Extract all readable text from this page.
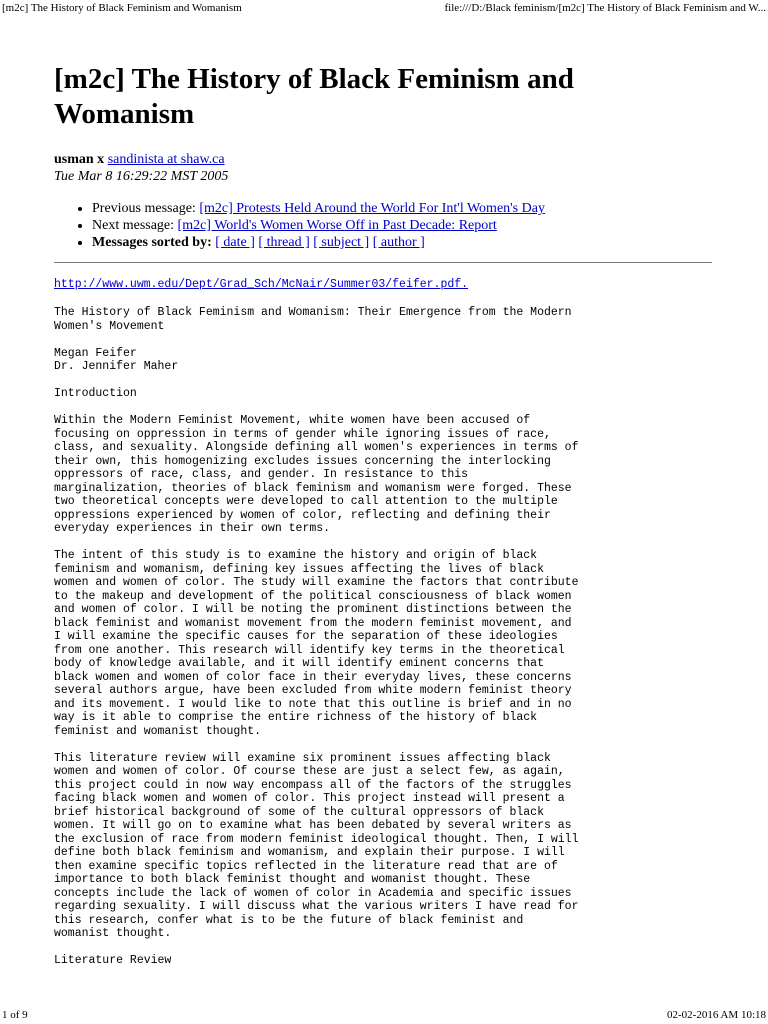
[m2c] The History of Black Feminism and Womanism	file:///D:/Black feminism/[m2c] The History of Black Feminism and W...
[m2c] The History of Black Feminism and Womanism
usman x sandinista at shaw.ca
Tue Mar 8 16:29:22 MST 2005
• Previous message: [m2c] Protests Held Around the World For Int'l Women's Day
• Next message: [m2c] World's Women Worse Off in Past Decade: Report
• Messages sorted by: [ date ] [ thread ] [ subject ] [ author ]
http://www.uwm.edu/Dept/Grad_Sch/McNair/Summer03/feifer.pdf.
The History of Black Feminism and Womanism: Their Emergence from the Modern
Women's Movement

Megan Feifer
Dr. Jennifer Maher

Introduction

Within the Modern Feminist Movement, white women have been accused of
focusing on oppression in terms of gender while ignoring issues of race,
class, and sexuality. Alongside defining all women's experiences in terms of
their own, this homogenizing excludes issues concerning the interlocking
oppressors of race, class, and gender. In resistance to this
marginalization, theories of black feminism and womanism were forged. These
two theoretical concepts were developed to call attention to the multiple
oppressions experienced by women of color, reflecting and defining their
everyday experiences in their own terms.

The intent of this study is to examine the history and origin of black
feminism and womanism, defining key issues affecting the lives of black
women and women of color. The study will examine the factors that contribute
to the makeup and development of the political consciousness of black women
and women of color. I will be noting the prominent distinctions between the
black feminist and womanist movement from the modern feminist movement, and
I will examine the specific causes for the separation of these ideologies
from one another. This research will identify key terms in the theoretical
body of knowledge available, and it will identify eminent concerns that
black women and women of color face in their everyday lives, these concerns
several authors argue, have been excluded from white modern feminist theory
and its movement. I would like to note that this outline is brief and in no
way is it able to comprise the entire richness of the history of black
feminist and womanist thought.

This literature review will examine six prominent issues affecting black
women and women of color. Of course these are just a select few, as again,
this project could in now way encompass all of the factors of the struggles
facing black women and women of color. This project instead will present a
brief historical background of some of the cultural oppressors of black
women. It will go on to examine what has been debated by several writers as
the exclusion of race from modern feminist ideological thought. Then, I will
define both black feminism and womanism, and explain their purpose. I will
then examine specific topics reflected in the literature read that are of
importance to both black feminist thought and womanist thought. These
concepts include the lack of women of color in Academia and specific issues
regarding sexuality. I will discuss what the various writers I have read for
this research, confer what is to be the future of black feminist and
womanist thought.

Literature Review

1 of 9	02-02-2016 AM 10:18
